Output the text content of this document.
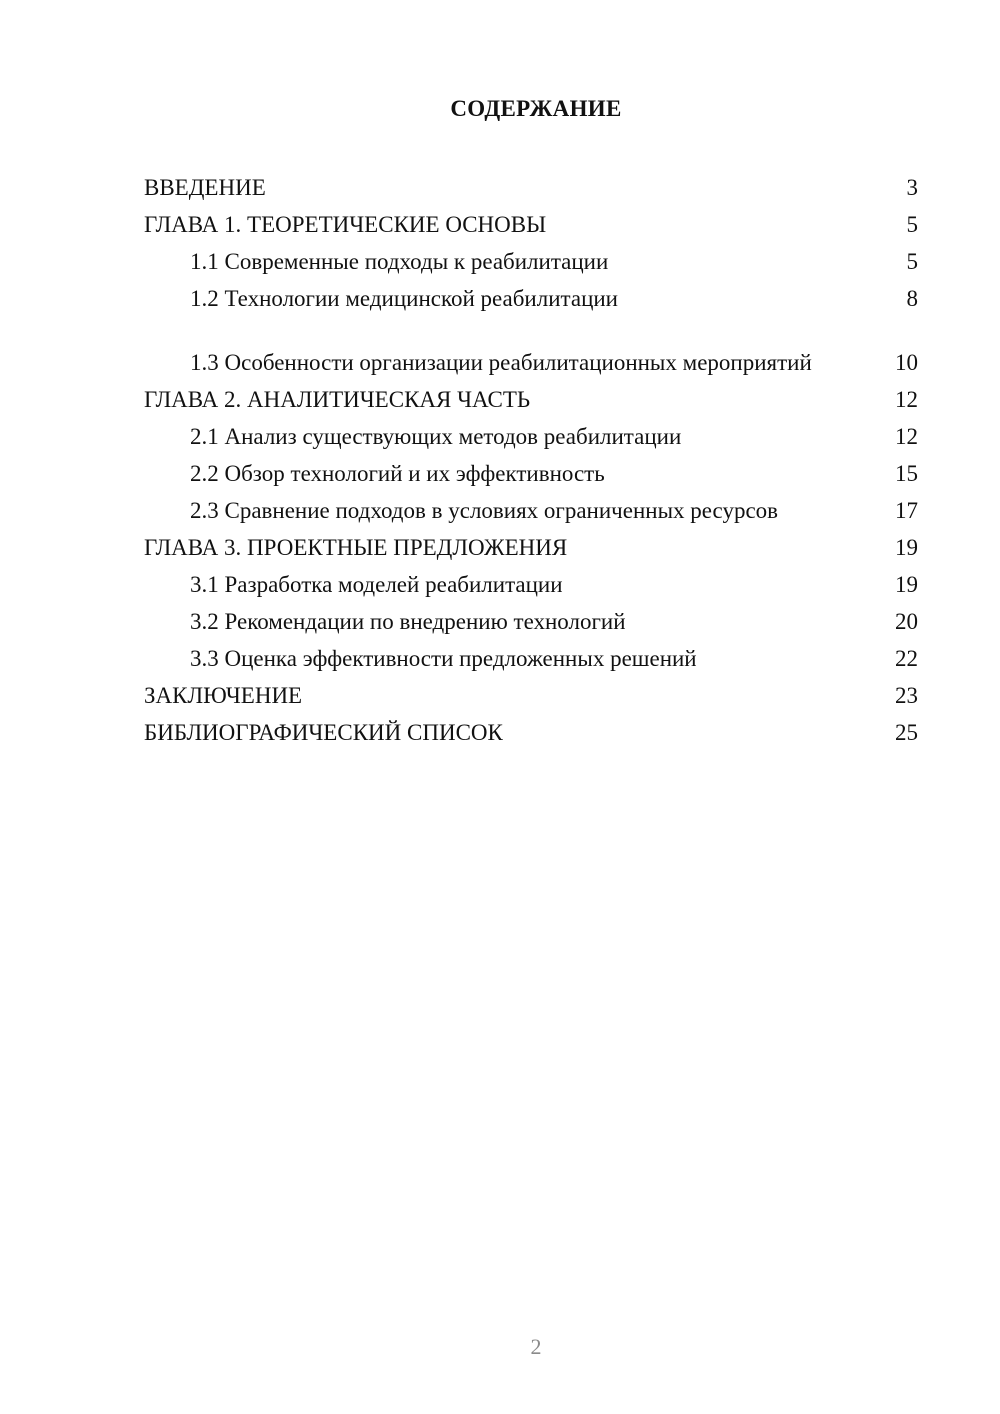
СОДЕРЖАНИЕ
ВВЕДЕНИЕ	3
ГЛАВА 1. ТЕОРЕТИЧЕСКИЕ ОСНОВЫ	5
1.1 Современные подходы к реабилитации	5
1.2 Технологии медицинской реабилитации	8
1.3 Особенности организации реабилитационных мероприятий	10
ГЛАВА 2. АНАЛИТИЧЕСКАЯ ЧАСТЬ	12
2.1 Анализ существующих методов реабилитации	12
2.2 Обзор технологий и их эффективность	15
2.3 Сравнение подходов в условиях ограниченных ресурсов	17
ГЛАВА 3. ПРОЕКТНЫЕ ПРЕДЛОЖЕНИЯ	19
3.1 Разработка моделей реабилитации	19
3.2 Рекомендации по внедрению технологий	20
3.3 Оценка эффективности предложенных решений	22
ЗАКЛЮЧЕНИЕ	23
БИБЛИОГРАФИЧЕСКИЙ СПИСОК	25
2
